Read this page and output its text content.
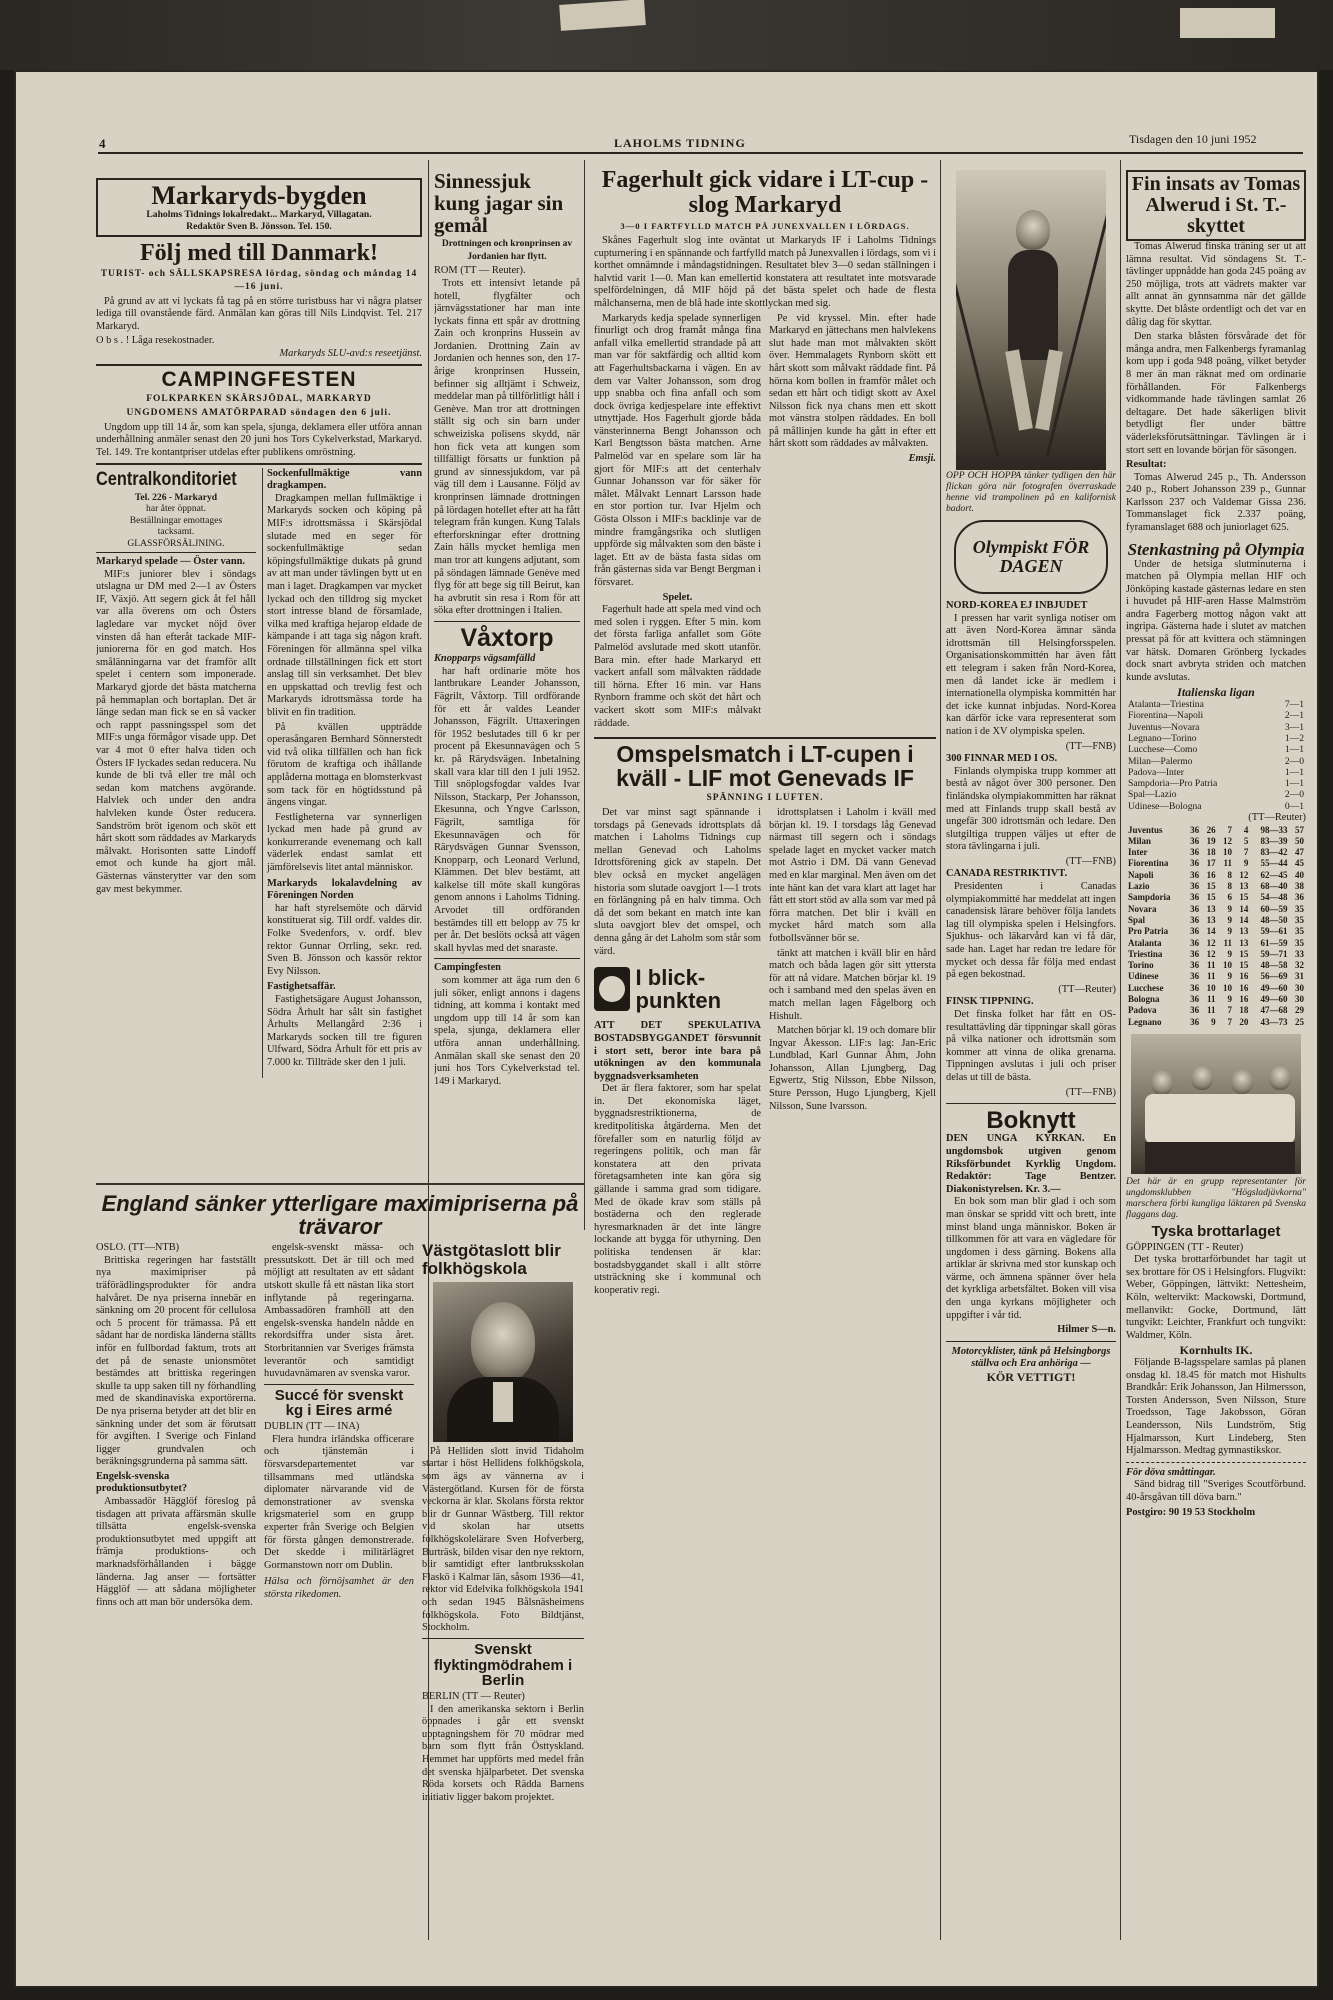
4	LAHOLMS TIDNING	Tisdagen den 10 juni 1952
Markaryds-bygden
Laholms Tidnings lokalredakt... Markaryd, Villagatan.
Redaktör Sven B. Jönsson. Tel. 150.
Följ med till Danmark!
TURIST- och SÄLLSKAPSRESA lördag, söndag och måndag 14—16 juni.

På grund av att vi lyckats få tag på en större turistbuss har vi några platser lediga till ovanstående färd. Anmälan kan göras till Nils Lindqvist. Tel. 217 Markaryd.

O b s . ! Låga resekostnader.
Markaryds SLU-avd:s reseetjänst.
CAMPINGFESTEN
FOLKPARKEN SKÄRSJÖDAL, MARKARYD
UNGDOMENS AMATÖRPARAD söndagen den 6 juli.

Ungdom upp till 14 år, som kan spela, sjunga, deklamera eller utföra annan underhållning anmäler senast den 20 juni hos Tors Cykelverkstad, Markaryd. Tel. 149. Tre kontantpriser utdelas efter publikens omröstning.

Centralkonditoriet
Tel. 226 - Markaryd
har åter öppnat.
Beställningar emottages
tacksamt.
GLASSFÖRSÄLJNING.
Markaryd spelade — Öster vann.

MIF:s juniorer blev i söndags utslagna ur DM med 2—1 av Östers IF, Växjö. Att segern gick åt fel håll var alla överens om och Östers lagledare var mycket nöjd över vinsten då han efteråt tackade MIF-juniorerna för en god match. Hos smålänningarna var det framför allt spelet i centern som imponerade. Markaryd gjorde det bästa matcherna på hemmaplan och bortaplan. Det är länge sedan man fick se en så vacker och rappt passningsspel som det MIF:s unga förmågor visade upp. Det var 4 mot 0 efter halva tiden och Östers IF lyckades sedan reducera. Nu kunde de bli två eller tre mål och sedan kom matchens avgörande. Halvlek och under den andra halvleken kunde Öster reducera. Sandström bröt igenom och sköt ett hårt skott som räddades av Markaryds målvakt. Horisonten satte Lindoff emot och kunde ha gjort mål. Gästernas vänsterytter var den som gav mest bekymmer.

Sockenfullmäktige vann dragkampen.

Dragkampen mellan fullmäktige i Markaryds socken och köping på MIF:s idrottsmässa i Skärsjödal slutade med en seger för sockenfullmäktige sedan köpingsfullmäktige dukats på grund av att man under tävlingen bytt ut en man i laget. Dragkampen var mycket lyckad och den tilldrog sig mycket stort intresse bland de församlade, vilka med kraftiga hejarop eldade de kämpande i att taga sig någon kraft. Föreningen för allmänna spel vilka ordnade tillställningen fick ett stort anslag till sin verksamhet. Det blev en uppskattad och trevlig fest och Markaryds idrottsmässa torde ha blivit en fin tradition.

På kvällen uppträdde operasångaren Bernhard Sönnerstedt vid två olika tillfällen och han fick förutom de kraftiga och ihållande applåderna mottaga en blomsterkvast som tack för en högtidsstund på ängens vingar.

Festligheterna var synnerligen lyckad men hade på grund av konkurrerande evenemang och kall väderlek endast samlat ett jämförelsevis litet antal människor.

Markaryds lokalavdelning av Föreningen Norden

har haft styrelsemöte och därvid konstituerat sig. Till ordf. valdes dir. Folke Svedenfors, v. ordf. blev rektor Gunnar Orrling, sekr. red. Sven B. Jönsson och kassör rektor Evy Nilsson.

Fastighetsaffär.

Fastighetsägare August Johansson, Södra Århult har sålt sin fastighet Århults Mellangård 2:36 i Markaryds socken till tre figuren Ulfward, Södra Århult för ett pris av 7.000 kr. Tillträde sker den 1 juli.

Sinnessjuk kung jagar sin gemål
Drottningen och kronprinsen av Jordanien har flytt.
ROM (TT — Reuter).

Trots ett intensivt letande på hotell, flygfälter och järnvägsstationer har man inte lyckats finna ett spår av drottning Zain och kronprins Hussein av Jordanien. Drottning Zain av Jordanien och hennes son, den 17-årige kronprinsen Hussein, befinner sig alltjämt i Schweiz, meddelar man på tillförlitligt håll i Genève. Man tror att drottningen ställt sig och sin barn under schweiziska polisens skydd, när hon fick veta att kungen som tillfälligt försatts ur funktion på grund av sinnessjukdom, var på väg till dem i Lausanne. Följd av kronprinsen lämnade drottningen på lördagen hotellet efter att ha fått telegram från kungen. Kung Talals efterforskningar efter drottning Zain hälls mycket hemliga men man tror att kungens adjutant, som på söndagen lämnade Genève med flyg för att bege sig till Beirut, kan ha avbrutit sin resa i Rom för att söka efter drottningen i Italien.

Våxtorp
Knopparps vägsamfälld

har haft ordinarie möte hos lantbrukare Leander Johansson, Fägrilt, Våxtorp. Till ordförande för ett år valdes Leander Johansson, Fägrilt. Uttaxeringen för 1952 beslutades till 6 kr per procent på Ekesunnavägen och 5 kr. på Rärydsvägen. Inbetalning skall vara klar till den 1 juli 1952. Till snöplogsfogdar valdes Ivar Nilsson, Stackarp, Per Johansson, Ekesunna, och Yngve Carlsson, Fägrilt, samtliga för Ekesunnavägen och för Rärydsvägen Gunnar Svensson, Knopparp, och Leonard Verlund, Klämmen. Det blev bestämt, att kalkelse till möte skall kungöras genom annons i Laholms Tidning. Arvodet till ordföranden bestämdes till ett belopp av 75 kr per år. Det beslöts också att vägen skall hyvlas med det snaraste.

Campingfesten

som kommer att äga rum den 6 juli söker, enligt annons i dagens tidning, att komma i kontakt med ungdom upp till 14 år som kan spela, sjunga, deklamera eller utföra annan underhållning. Anmälan skall ske senast den 20 juni hos Tors Cykelverkstad tel. 149 i Markaryd.

Fagerhult gick vidare i LT-cup - slog Markaryd
3—0 I FARTFYLLD MATCH PÅ JUNEXVALLEN I LÖRDAGS.

Skånes Fagerhult slog inte oväntat ut Markaryds IF i Laholms Tidnings cupturnering i en spännande och fartfylld match på Junexvallen i lördags, som vi i korthet omnämnde i måndagstidningen. Resultatet blev 3—0 sedan ställningen i halvtid varit 1—0. Man kan emellertid konstatera att resultatet inte motsvarade spelfördelningen, då MIF höjd på det bästa spelet och hade de flesta målchanserna, men de blå hade inte skottlyckan med sig.

Markaryds kedja spelade synnerligen finurligt och drog framåt många fina anfall vilka emellertid strandade på att man var för saktfärdig och alltid kom att Fagerhultsbackarna i vägen. En av dem var Valter Johansson, som drog upp snabba och fina anfall och som dock övriga kedjespelare inte effektivt utnyttjade. Hos Fagerhult gjorde båda vänsterinnerna Bengt Johansson och Karl Bengtsson bästa matchen. Arne Palmelöd var en spelare som lär ha gjort för MIF:s att det centerhalv Gunnar Johansson var för säker för målet. Målvakt Lennart Larsson hade en stor portion tur. Ivar Hjelm och Gösta Olsson i MIF:s backlinje var de mindre framgångsrika och slutligen uppförde sig målvakten som den bäste i laget. Ett av de bästa fasta sidas om från gästernas sida var Bengt Bergman i försvaret.

Spelet.

Fagerhult hade att spela med vind och med solen i ryggen. Efter 5 min. kom det första farliga anfallet som Göte Palmelöd avslutade med skott utanför. Bara min. efter hade Markaryd ett vackert anfall som målvakten räddade till hörna. Efter 16 min. var Hans Rynborn framme och sköt det hårt och vackert skott som MIF:s målvakt räddade.

Pe vid kryssel. Min. efter hade Markaryd en jättechans men halvlekens slut hade man mot målvakten skött över. Hemmalagets Rynborn skött ett hårt skott som målvakt räddade fint. På hörna kom bollen in framför målet och sedan ett hårt och tidigt skott av Axel Nilsson fick nya chans men ett skott mot vänstra stolpen räddades. En boll på mållinjen kunde ha gått in efter ett hårt skott som räddades av målvakten.

Emsji.
Omspelsmatch i LT-cupen i kväll - LIF mot Genevads IF
SPÄNNING I LUFTEN.

Det var minst sagt spännande i torsdags på Genevads idrottsplats då matchen i Laholms Tidnings cup mellan Genevad och Laholms Idrottsförening gick av stapeln. Det blev också en mycket angelägen historia som slutade oavgjort 1—1 trots en förlängning på en halv timma. Och då det som bekant en match inte kan sluta oavgjort blev det omspel, och denna gång är det Laholm som står som värd.

I blick-punkten
ATT DET SPEKULATIVA BOSTADSBYGGANDET försvunnit i stort sett, beror inte bara på utökningen av den kommunala byggnadsverksamheten

Det är flera faktorer, som har spelat in. Det ekonomiska läget, byggnadsrestriktionerna, de kreditpolitiska åtgärderna. Men det förefaller som en naturlig följd av regeringens politik, och man får konstatera att den privata företagsamheten inte kan göra sig gällande i samma grad som tidigare. Med de ökade krav som ställs på bostäderna och den reglerade hyresmarknaden är det inte längre lockande att bygga för uthyrning. Den politiska tendensen är klar: bostadsbyggandet skall i allt större utsträckning ske i kommunal och kooperativ regi.

idrottsplatsen i Laholm i kväll med början kl. 19. I torsdags låg Genevad närmast till segern och i söndags spelade laget en mycket vacker match mot Astrio i DM. Dä vann Genevad med en klar marginal. Men även om det inte hänt kan det vara klart att laget har fått ett stort stöd av alla som var med på förra matchen. Det blir i kväll en mycket hård match som alla fotbollsvänner bör se.

tänkt att matchen i kväll blir en hård match och båda lagen gör sitt yttersta för att nå vidare. Matchen börjar kl. 19 och i samband med den spelas även en match mellan lagen Fågelborg och Hishult.

Matchen börjar kl. 19 och domare blir Ingvar Åkesson. LIF:s lag: Jan-Eric Lundblad, Karl Gunnar Åhm, John Johansson, Allan Ljungberg, Dag Egwertz, Stig Nilsson, Ebbe Nilsson, Sture Persson, Hugo Ljungberg, Kjell Nilsson, Sune Ivarsson.

England sänker ytterligare maximipriserna på trävaror
OSLO. (TT—NTB)

Brittiska regeringen har fastställt nya maximipriser på träförädlingsprodukter för andra halvåret. De nya priserna innebär en sänkning om 20 procent för cellulosa och 5 procent för trämassa. På ett sådant har de nordiska länderna ställts inför en fullbordad faktum, trots att det på de senaste unionsmötet bestämdes att brittiska regeringen skulle ta upp saken till ny förhandling med de skandinaviska exportörerna. De nya priserna betyder att det blir en sänkning under det som är förutsatt för avgiften. I Sverige och Finland ligger grundvalen och beräkningsgrunderna på samma sätt.

Engelsk-svenska produktionsutbytet?

Ambassadör Hägglöf föreslog på tisdagen att privata affärsmän skulle tillsätta engelsk-svenska produktionsutbytet med uppgift att främja produktions- och marknadsförhållanden i bägge länderna. Jag anser — fortsätter Hägglöf — att sådana möjligheter finns och att man bör undersöka dem.

engelsk-svenskt mässa- och pressutskott. Det är till och med möjligt att resultaten av ett sådant utskott skulle få ett nästan lika stort inflytande på regeringarna. Ambassadören framhöll att den engelsk-svenska handeln nådde en rekordsiffra under sista året. Storbritannien var Sveriges främsta leverantör och samtidigt huvudavnämaren av svenska varor.

Succé för svenskt kg i Eires armé
DUBLIN (TT — INA)

Flera hundra irländska officerare och tjänstemän i försvarsdepartementet var tillsammans med utländska diplomater närvarande vid de demonstrationer av svenska krigsmateriel som en grupp experter från Sverige och Belgien för första gången demonstrerade. Det skedde i militärlägret Gormanstown norr om Dublin.

Hälsa och förnöjsamhet är den största rikedomen.
Västgötaslott blir folkhögskola

På Helliden slott invid Tidaholm startar i höst Hellidens folkhögskola, som ägs av vännerna av i Västergötland. Kursen för de första veckorna är klar. Skolans första rektor blir dr Gunnar Wästberg. Till rektor vid skolan har utsetts folkhögskolelärare Sven Hofverberg, Burträsk, bilden visar den nye rektorn, blir samtidigt efter lantbruksskolan Flaskö i Kalmar län, såsom 1936—41, rektor vid Edelvika folkhögskola 1941 och sedan 1945 Bålsnäsheimens folkhögskola. Foto Bildtjänst, Stockholm.

Svenskt flyktingmödrahem i Berlin
BERLIN (TT — Reuter)

I den amerikanska sektorn i Berlin öppnades i går ett svenskt upptagningshem för 70 mödrar med barn som flytt från Östtyskland. Hemmet har uppförts med medel från det svenska hjälparbetet. Det svenska Röda korsets och Rädda Barnens initiativ ligger bakom projektet.

OPP OCH HOPPA tänker tydligen den här flickan göra när fotografen överraskade henne vid trampolinen på en kalifornisk badort.
Olympiskt FÖR DAGEN
NORD-KOREA EJ INBJUDET

I pressen har varit synliga notiser om att även Nord-Korea ämnar sända idrottsmän till Helsingforsspelen. Organisationskommittén har även fått ett telegram i saken från Nord-Korea, men då landet icke är medlem i internationella olympiska kommittén har det icke kunnat inbjudas. Nord-Korea kan därför icke vara representerat som nation i de XV olympiska spelen.

(TT—FNB)
300 FINNAR MED I OS.

Finlands olympiska trupp kommer att bestå av något över 300 personer. Den finländska olympiakommitten har räknat med att Finlands trupp skall bestå av ungefär 300 idrottsmän och ledare. Den slutgiltiga truppen väljes ut efter de stora tävlingarna i juli.

(TT—FNB)
CANADA RESTRIKTIVT.

Presidenten i Canadas olympiakommitté har meddelat att ingen canadensisk lärare behöver följa landets lag till olympiska spelen i Helsingfors. Sjukhus- och läkarvård kan vi få där, sade han. Laget har redan tre ledare för mycket och dessa får följa med endast på egen bekostnad.

(TT—Reuter)
FINSK TIPPNING.

Det finska folket har fått en OS-resultattävling där tippningar skall göras på vilka nationer och idrottsmän som kommer att vinna de olika grenarna. Tippningen avslutas i juli och priser delas ut till de bästa.

(TT—FNB)
Boknytt
DEN UNGA KYRKAN. En ungdomsbok utgiven genom Riksförbundet Kyrklig Ungdom. Redaktör: Tage Bentzer. Diakonistyrelsen. Kr. 3.—

En bok som man blir glad i och som man önskar se spridd vitt och brett, inte minst bland unga människor. Boken är tillkommen för att vara en vägledare för ungdomen i dess gärning. Bokens alla artiklar är skrivna med stor kunskap och värme, och ämnena spänner över hela det kyrkliga arbetsfältet. Boken vill visa den unga kyrkans möjligheter och uppgifter i vår tid.

Hilmer S—n.
Motorcyklister, tänk på Helsingborgs
ställva och Era anhöriga —
KÖR VETTIGT!
Fin insats av Tomas Alwerud i St. T.-skyttet

Tomas Alwerud finska träning ser ut att lämna resultat. Vid söndagens St. T.-tävlinger uppnådde han goda 245 poäng av 250 möjliga, trots att vädrets makter var allt annat än gynnsamma när det gällde skytte. Det blåste ordentligt och det var en dålig dag för skyttar.

Den starka blåsten försvårade det för många andra, men Falkenbergs fyramanlag kom upp i goda 948 poäng, vilket betyder 8 mer än man räknat med om ordinarie förhållanden. För Falkenbergs vidkommande hade tävlingen samlat 26 deltagare. Det hade säkerligen blivit betydligt fler under bättre väderleksförutsättningar. Tävlingen är i stort sett en lovande början för säsongen.

Resultat:

Tomas Alwerud 245 p., Th. Andersson 240 p., Robert Johansson 239 p., Gunnar Karlsson 237 och Valdemar Gissa 236. Tommanslaget fick 2.337 poäng, fyramanslaget 688 och juniorlaget 625.

Stenkastning på Olympia

Under de hetsiga slutminuterna i matchen på Olympia mellan HIF och Jönköping kastade gästernas ledare en sten i huvudet på HIF-aren Hasse Malmström andra Fagerberg mottog någon vakt att ingripa. Gästerna hade i slutet av matchen pressat på för att kvittera och stämningen var hätsk. Domaren Grönberg lyckades dock snart avbryta striden och matchen kunde avslutas.

Italienska ligan
Atalanta—Triestina	7—1
Fiorentina—Napoli	2—1
Juventus—Novara	3—1
Legnano—Torino	1—2
Lucchese—Como	1—1
Milan—Palermo	2—0
Padova—Inter	1—1
Sampdoria—Pro Patria	1—1
Spal—Lazio	2—0
Udinese—Bologna	0—1
(TT—Reuter)
Juventus	36	26	7	4	98—33	57
Milan	36	19	12	5	83—39	50
Inter	36	18	10	7	83—42	47
Fiorentina	36	17	11	9	55—44	45
Napoli	36	16	8	12	62—45	40
Lazio	36	15	8	13	68—40	38
Sampdoria	36	15	6	15	54—48	36
Novara	36	13	9	14	60—59	35
Spal	36	13	9	14	48—50	35
Pro Patria	36	14	9	13	59—61	35
Atalanta	36	12	11	13	61—59	35
Triestina	36	12	9	15	59—71	33
Torino	36	11	10	15	48—58	32
Udinese	36	11	9	16	56—69	31
Lucchese	36	10	10	16	49—60	30
Bologna	36	11	9	16	49—60	30
Padova	36	11	7	18	47—68	29
Legnano	36	9	7	20	43—73	25
Det här är en grupp representanter för ungdomsklubben "Högsladjävkorna" marschera förbi kungliga läktaren på Svenska flaggans dag.
Tyska brottarlaget
GÖPPINGEN (TT - Reuter)

Det tyska brottarförbundet har tagit ut sex brottare för OS i Helsingfors. Flugvikt: Weber, Göppingen, lättvikt: Nettesheim, Köln, weltervikt: Mackowski, Dortmund, mellanvikt: Gocke, Dortmund, lätt tungvikt: Leichter, Frankfurt och tungvikt: Waldmer, Köln.

Kornhults IK.

Följande B-lagsspelare samlas på planen onsdag kl. 18.45 för match mot Hishults Brandkår: Erik Johansson, Jan Hilmersson, Torsten Andersson, Sven Nilsson, Sture Troedsson, Tage Jakobsson, Göran Leandersson, Nils Lundström, Stig Hjalmarsson, Kurt Lindeberg, Sten Hjalmarsson. Medtag gymnastikskor.

För döva småttingar.

Sänd bidrag till "Sveriges Scoutförbund. 40-årsgåvan till döva barn."

Postgiro: 90 19 53 Stockholm
